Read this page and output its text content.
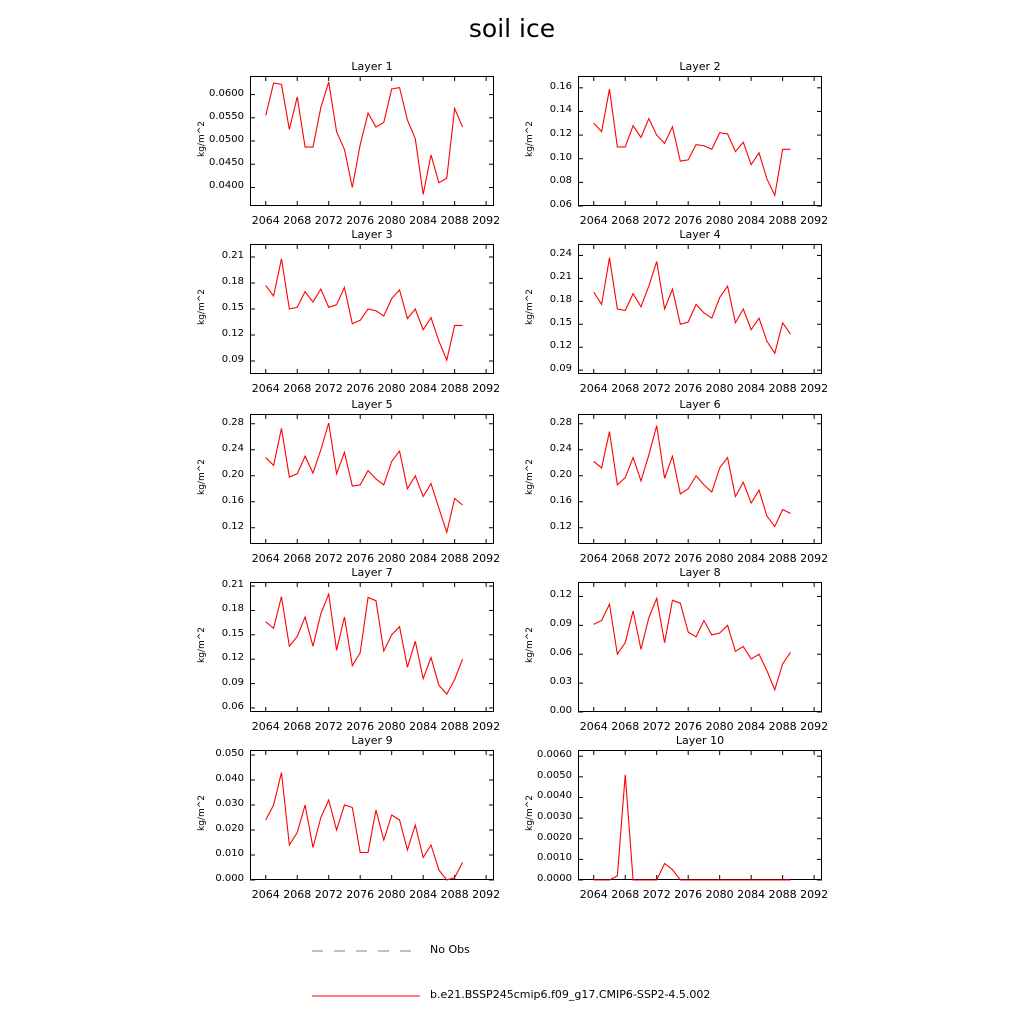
soil ice
Layer 1
kg/m^2
0.0400
0.0450
0.0500
0.0550
0.0600
2064 2068 2072 2076 2080 2084 2088 2092
Layer 2
kg/m^2
0.06
0.08
0.10
0.12
0.14
0.16
2064 2068 2072 2076 2080 2084 2088 2092
Layer 3
kg/m^2
0.09
0.12
0.15
0.18
0.21
2064 2068 2072 2076 2080 2084 2088 2092
Layer 4
kg/m^2
0.09
0.12
0.15
0.18
0.21
0.24
2064 2068 2072 2076 2080 2084 2088 2092
Layer 5
kg/m^2
0.12
0.16
0.20
0.24
0.28
2064 2068 2072 2076 2080 2084 2088 2092
Layer 6
kg/m^2
0.12
0.16
0.20
0.24
0.28
2064 2068 2072 2076 2080 2084 2088 2092
Layer 7
kg/m^2
0.06
0.09
0.12
0.15
0.18
0.21
2064 2068 2072 2076 2080 2084 2088 2092
Layer 8
kg/m^2
0.00
0.03
0.06
0.09
0.12
2064 2068 2072 2076 2080 2084 2088 2092
Layer 9
kg/m^2
0.000
0.010
0.020
0.030
0.040
0.050
2064 2068 2072 2076 2080 2084 2088 2092
Layer 10
kg/m^2
0.0000
0.0010
0.0020
0.0030
0.0040
0.0050
0.0060
2064 2068 2072 2076 2080 2084 2088 2092
No Obs
b.e21.BSSP245cmip6.f09_g17.CMIP6-SSP2-4.5.002
